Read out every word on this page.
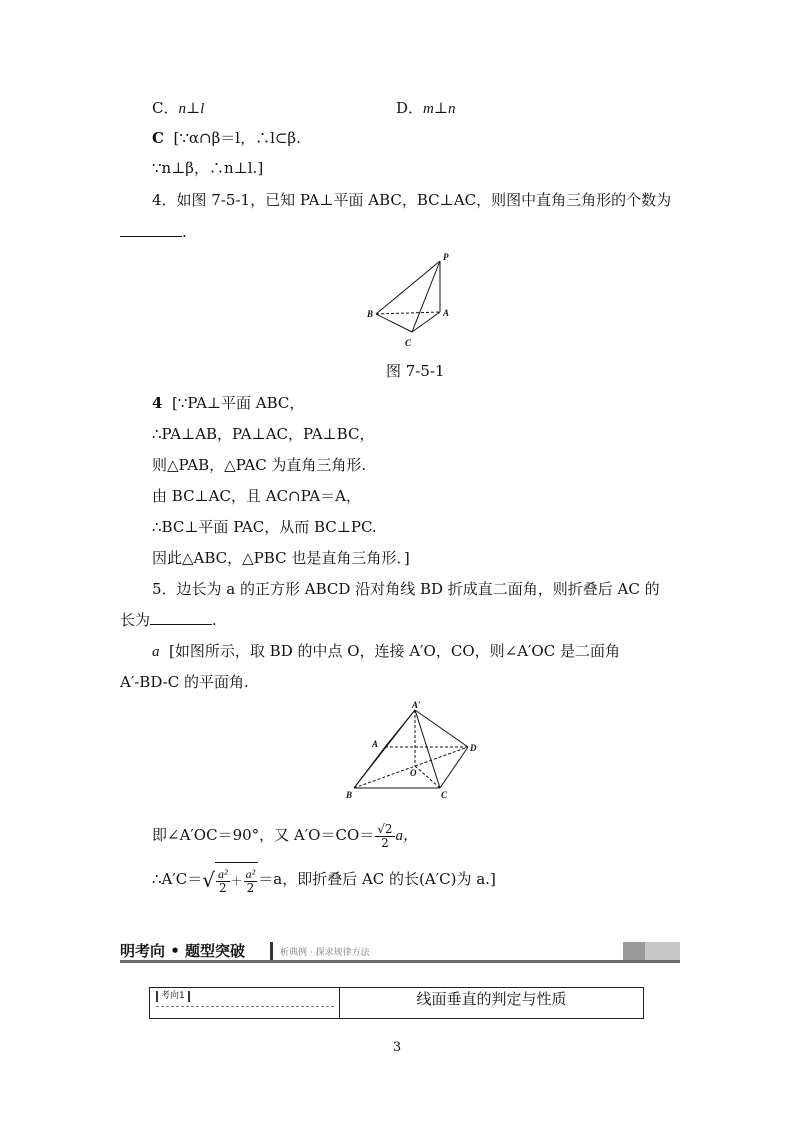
C．n⊥l	D．m⊥n
C [∵α∩β＝l，∴l⊂β.
∵n⊥β，∴n⊥l.]
4．如图 7-5-1，已知 PA⊥平面 ABC，BC⊥AC，则图中直角三角形的个数为
.
P
A
B
C
图 7-5-1
4 [∵PA⊥平面 ABC，
∴PA⊥AB，PA⊥AC，PA⊥BC，
则△PAB，△PAC 为直角三角形.
由 BC⊥AC，且 AC∩PA＝A，
∴BC⊥平面 PAC，从而 BC⊥PC.
因此△ABC，△PBC 也是直角三角形．]
5．边长为 a 的正方形 ABCD 沿对角线 BD 折成直二面角，则折叠后 AC 的
长为	.
a [如图所示，取 BD 的中点 O，连接 A′O，CO，则∠A′OC 是二面角
A′-BD-C 的平面角.
A′
A	D
O
B	C
即∠A′OC＝90°，又 $A'O=CO= \frac{√2}{2}$ a，
∴A′C＝√ $\frac{\text{a²}}{2} + \frac{\text{a²}}{2} =a$，即折叠后 AC 的长(A′C)为 a.]
明考向 • 题型突破	析典例 · 探求规律方法
考向1	线面垂直的判定与性质
3
